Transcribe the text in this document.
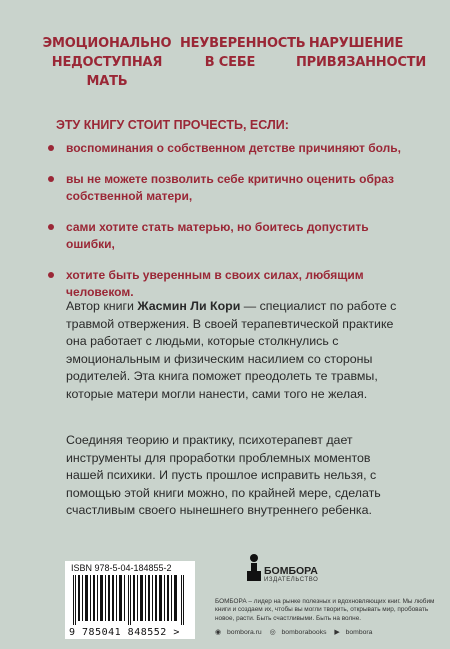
ЭМОЦИОНАЛЬНО
НЕДОСТУПНАЯ МАТЬ
НЕУВЕРЕННОСТЬ
В СЕБЕ
НАРУШЕНИЕ
ПРИВЯЗАННОСТИ
ЭТУ КНИГУ СТОИТ ПРОЧЕСТЬ, ЕСЛИ:
воспоминания о собственном детстве причиняют боль,
вы не можете позволить себе критично оценить образ собственной матери,
сами хотите стать матерью, но боитесь допустить ошибки,
хотите быть уверенным в своих силах, любящим человеком.
Автор книги Жасмин Ли Кори — специалист по работе с травмой отвержения. В своей терапевтической практике она работает с людьми, которые столкнулись с эмоциональным и физическим насилием со стороны родителей. Эта книга поможет преодолеть те травмы, которые матери могли нанести, сами того не желая.
Соединяя теорию и практику, психотерапевт дает инструменты для проработки проблемных моментов нашей психики. И пусть прошлое исправить нельзя, с помощью этой книги можно, по крайней мере, сделать счастливым своего нынешнего внутреннего ребенка.
ISBN 978-5-04-184855-2
9 785041 848552 >
БОМБОРА
ИЗДАТЕЛЬСТВО
БОМБОРА – лидер на рынке полезных и вдохновляющих книг. Мы любим книги и создаем их, чтобы вы могли творить, открывать мир, пробовать новое, расти. Быть счастливыми. Быть на волне.
◉ bombora.ru ◎ bomborabooks ▶ bombora
